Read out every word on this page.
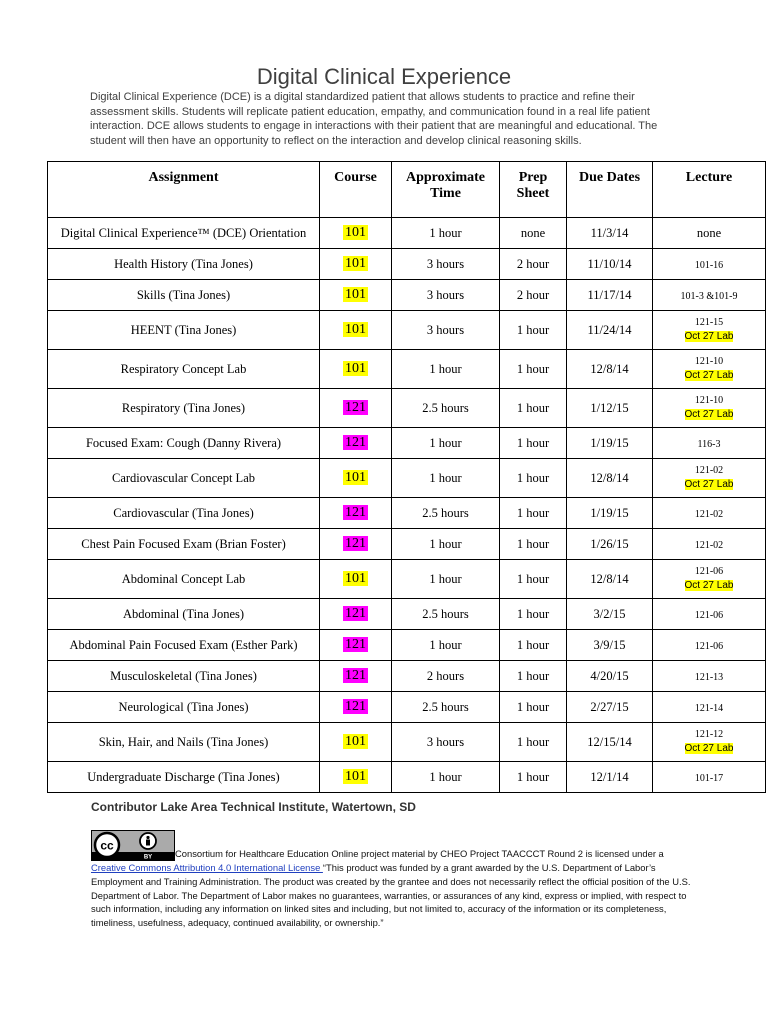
Digital Clinical Experience
Digital Clinical Experience (DCE) is a digital standardized patient that allows students to practice and refine their assessment skills. Students will replicate patient education, empathy, and communication found in a real life patient interaction. DCE allows students to engage in interactions with their patient that are meaningful and educational. The student will then have an opportunity to reflect on the interaction and develop clinical reasoning skills.
Assignment	Course	Approximate Time	Prep Sheet	Due Dates	Lecture
Digital Clinical Experience™ (DCE) Orientation	101	1 hour	none	11/3/14	none
Health History (Tina Jones)	101	3 hours	2 hour	11/10/14	101-16
Skills (Tina Jones)	101	3 hours	2 hour	11/17/14	101-3 &101-9
HEENT (Tina Jones)	101	3 hours	1 hour	11/24/14	121-15
Oct 27 Lab
Respiratory Concept Lab	101	1 hour	1 hour	12/8/14	121-10
Oct 27 Lab
Respiratory (Tina Jones)	121	2.5 hours	1 hour	1/12/15	121-10
Oct 27 Lab
Focused Exam: Cough (Danny Rivera)	121	1 hour	1 hour	1/19/15	116-3
Cardiovascular Concept Lab	101	1 hour	1 hour	12/8/14	121-02
Oct 27 Lab
Cardiovascular (Tina Jones)	121	2.5 hours	1 hour	1/19/15	121-02
Chest Pain Focused Exam (Brian Foster)	121	1 hour	1 hour	1/26/15	121-02
Abdominal Concept Lab	101	1 hour	1 hour	12/8/14	121-06
Oct 27 Lab
Abdominal (Tina Jones)	121	2.5 hours	1 hour	3/2/15	121-06
Abdominal Pain Focused Exam (Esther Park)	121	1 hour	1 hour	3/9/15	121-06
Musculoskeletal (Tina Jones)	121	2 hours	1 hour	4/20/15	121-13
Neurological (Tina Jones)	121	2.5 hours	1 hour	2/27/15	121-14
Skin, Hair, and Nails (Tina Jones)	101	3 hours	1 hour	12/15/14	121-12
Oct 27 Lab
Undergraduate Discharge (Tina Jones)	101	1 hour	1 hour	12/1/14	101-17
Contributor Lake Area Technical Institute, Watertown, SD
cc
BY Consortium for Healthcare Education Online project material by CHEO Project TAACCCT Round 2 is licensed under a Creative Commons Attribution 4.0 International License “This product was funded by a grant awarded by the U.S. Department of Labor’s Employment and Training Administration. The product was created by the grantee and does not necessarily reflect the official position of the U.S. Department of Labor. The Department of Labor makes no guarantees, warranties, or assurances of any kind, express or implied, with respect to such information, including any information on linked sites and including, but not limited to, accuracy of the information or its completeness, timeliness, usefulness, adequacy, continued availability, or ownership.”
